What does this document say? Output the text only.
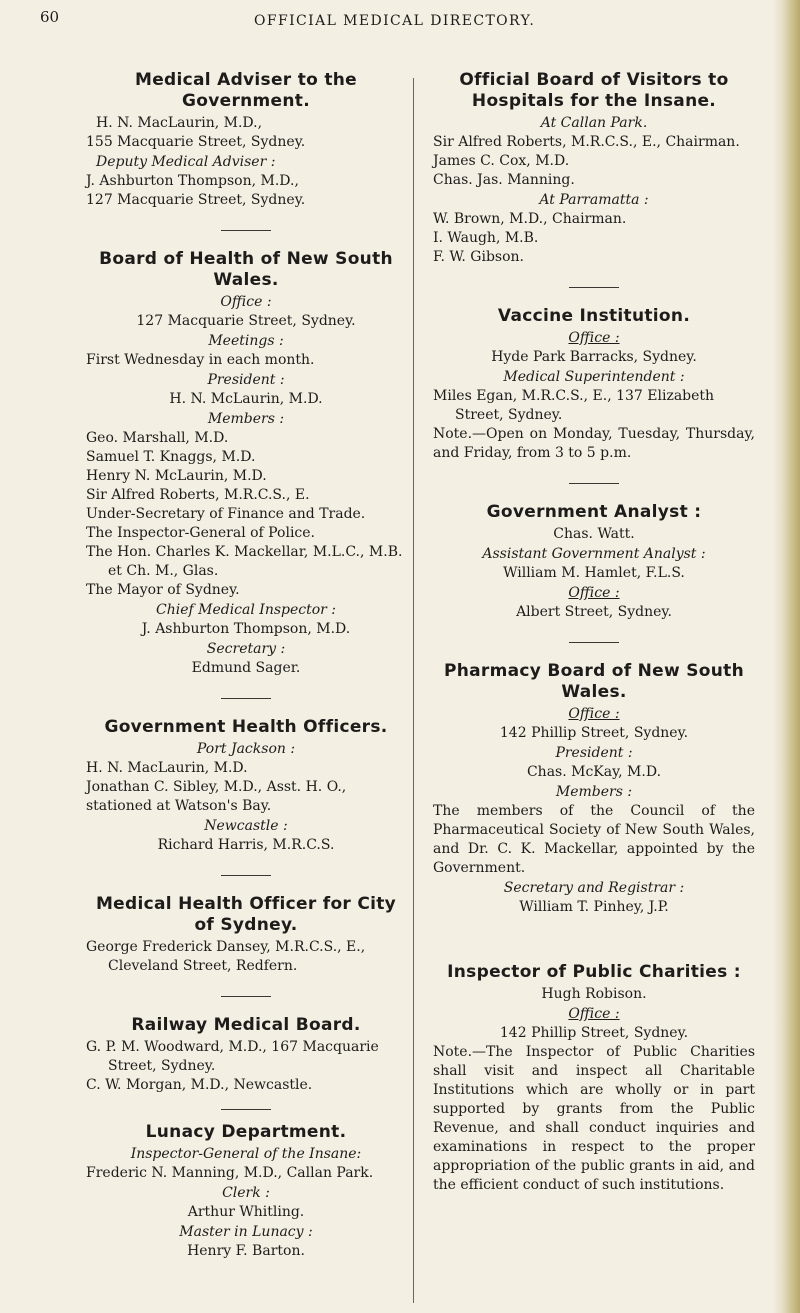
60	OFFICIAL MEDICAL DIRECTORY.
Medical Adviser to the Government.
H. N. MacLaurin, M.D.,
155 Macquarie Street, Sydney.
Deputy Medical Adviser :
J. Ashburton Thompson, M.D.,
127 Macquarie Street, Sydney.
Board of Health of New South Wales.
Office :
127 Macquarie Street, Sydney.
Meetings :
First Wednesday in each month.
President :
H. N. McLaurin, M.D.
Members :
Geo. Marshall, M.D.
Samuel T. Knaggs, M.D.
Henry N. McLaurin, M.D.
Sir Alfred Roberts, M.R.C.S., E.
Under-Secretary of Finance and Trade.
The Inspector-General of Police.
The Hon. Charles K. Mackellar, M.L.C., M.B. et Ch. M., Glas.
The Mayor of Sydney.
Chief Medical Inspector :
J. Ashburton Thompson, M.D.
Secretary :
Edmund Sager.
Government Health Officers.
Port Jackson :
H. N. MacLaurin, M.D.
Jonathan C. Sibley, M.D., Asst. H. O., stationed at Watson's Bay.
Newcastle :
Richard Harris, M.R.C.S.
Medical Health Officer for City of Sydney.
George Frederick Dansey, M.R.C.S., E., Cleveland Street, Redfern.
Railway Medical Board.
G. P. M. Woodward, M.D., 167 Macquarie Street, Sydney.
C. W. Morgan, M.D., Newcastle.
Lunacy Department.
Inspector-General of the Insane:
Frederic N. Manning, M.D., Callan Park.
Clerk :
Arthur Whitling.
Master in Lunacy :
Henry F. Barton.
Official Board of Visitors to Hospitals for the Insane.
At Callan Park.
Sir Alfred Roberts, M.R.C.S., E., Chairman.
James C. Cox, M.D.
Chas. Jas. Manning.
At Parramatta :
W. Brown, M.D., Chairman.
I. Waugh, M.B.
F. W. Gibson.
Vaccine Institution.
Office :
Hyde Park Barracks, Sydney.
Medical Superintendent :
Miles Egan, M.R.C.S., E., 137 Elizabeth Street, Sydney.
Note.—Open on Monday, Tuesday, Thursday, and Friday, from 3 to 5 p.m.
Government Analyst :
Chas. Watt.
Assistant Government Analyst :
William M. Hamlet, F.L.S.
Office :
Albert Street, Sydney.
Pharmacy Board of New South Wales.
Office :
142 Phillip Street, Sydney.
President :
Chas. McKay, M.D.
Members :
The members of the Council of the Pharmaceutical Society of New South Wales, and Dr. C. K. Mackellar, appointed by the Government.
Secretary and Registrar :
William T. Pinhey, J.P.
Inspector of Public Charities :
Hugh Robison.
Office :
142 Phillip Street, Sydney.
Note.—The Inspector of Public Charities shall visit and inspect all Charitable Institutions which are wholly or in part supported by grants from the Public Revenue, and shall conduct inquiries and examinations in respect to the proper appropriation of the public grants in aid, and the efficient conduct of such institutions.
